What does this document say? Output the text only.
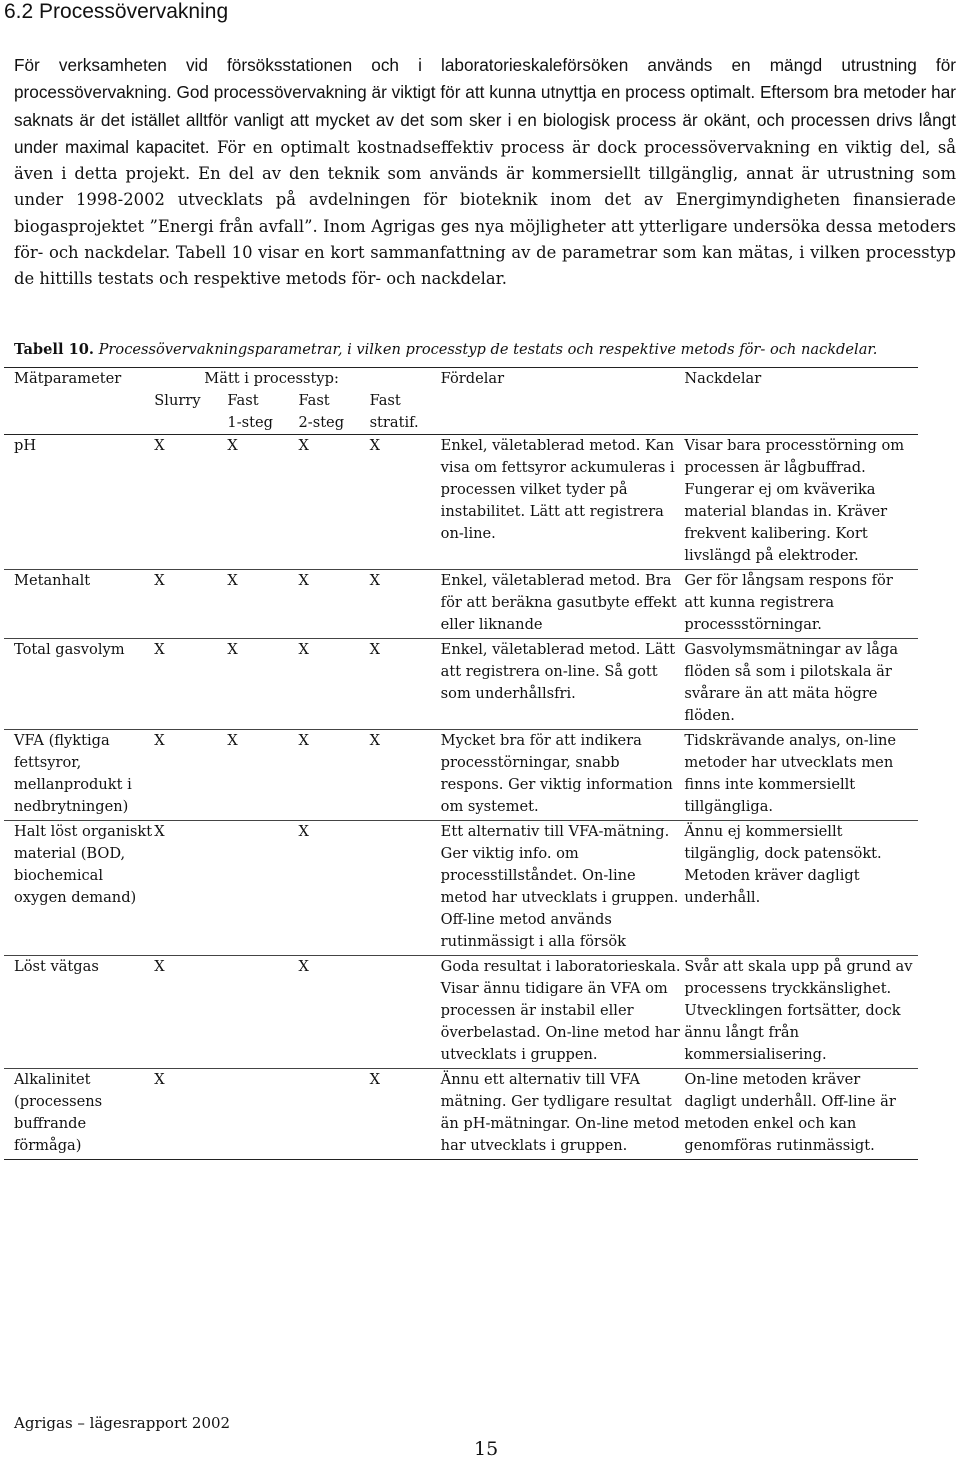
6.2 Processövervakning

För verksamheten vid försöksstationen och i laboratorieskaleförsöken används en mängd utrustning för processövervakning. God processövervakning är viktigt för att kunna utnyttja en process optimalt. Eftersom bra metoder har saknats är det istället alltför vanligt att mycket av det som sker i en biologisk process är okänt, och processen drivs långt under maximal kapacitet. För en optimalt kostnadseffektiv process är dock processövervakning en viktig del, så även i detta projekt. En del av den teknik som används är kommersiellt tillgänglig, annat är utrustning som under 1998-2002 utvecklats på avdelningen för bioteknik inom det av Energimyndigheten finansierade biogasprojektet ”Energi från avfall”. Inom Agrigas ges nya möjligheter att ytterligare undersöka dessa metoders för- och nackdelar. Tabell 10 visar en kort sammanfattning av de parametrar som kan mätas, i vilken processtyp de hittills testats och respektive metods för- och nackdelar.

Tabell 10. Processövervakningsparametrar, i vilken processtyp de testats och respektive metods för- och nackdelar.
Mätparameter	Mätt i processtyp:				Fördelar	Nackdelar
	Slurry	Fast	Fast	Fast		
		1-steg	2-steg	stratif.		
pH	X	X	X	X	Enkel, väletablerad metod. Kan visa om fettsyror ackumuleras i processen vilket tyder på instabilitet. Lätt att registrera on-line.	Visar bara processtörning om processen är lågbuffrad. Fungerar ej om kväverika material blandas in. Kräver frekvent kalibering. Kort livslängd på elektroder.
Metanhalt	X	X	X	X	Enkel, väletablerad metod. Bra för att beräkna gasutbyte effekt eller liknande	Ger för långsam respons för att kunna registrera processstörningar.
Total gasvolym	X	X	X	X	Enkel, väletablerad metod. Lätt att registrera on-line. Så gott som underhållsfri.	Gasvolymsmätningar av låga flöden så som i pilotskala är svårare än att mäta högre flöden.
VFA (flyktiga fettsyror, mellanprodukt i nedbrytningen)	X	X	X	X	Mycket bra för att indikera processtörningar, snabb respons. Ger viktig information om systemet.	Tidskrävande analys, on-line metoder har utvecklats men finns inte kommersiellt tillgängliga.
Halt löst organiskt material (BOD, biochemical oxygen demand)	X		X		Ett alternativ till VFA-mätning. Ger viktig info. om processtillståndet. On-line metod har utvecklats i gruppen. Off-line metod används rutinmässigt i alla försök	Ännu ej kommersiellt tilgänglig, dock patensökt. Metoden kräver dagligt underhåll.
Löst vätgas	X		X		Goda resultat i laboratorieskala. Visar ännu tidigare än VFA om processen är instabil eller överbelastad. On-line metod har utvecklats i gruppen.	Svår att skala upp på grund av processens tryckkänslighet. Utvecklingen fortsätter, dock ännu långt från kommersialisering.
Alkalinitet (processens buffrande förmåga)	X			X	Ännu ett alternativ till VFA mätning. Ger tydligare resultat än pH-mätningar. On-line metod har utvecklats i gruppen.	On-line metoden kräver dagligt underhåll. Off-line är metoden enkel och kan genomföras rutinmässigt.
Agrigas – lägesrapport 2002
15
